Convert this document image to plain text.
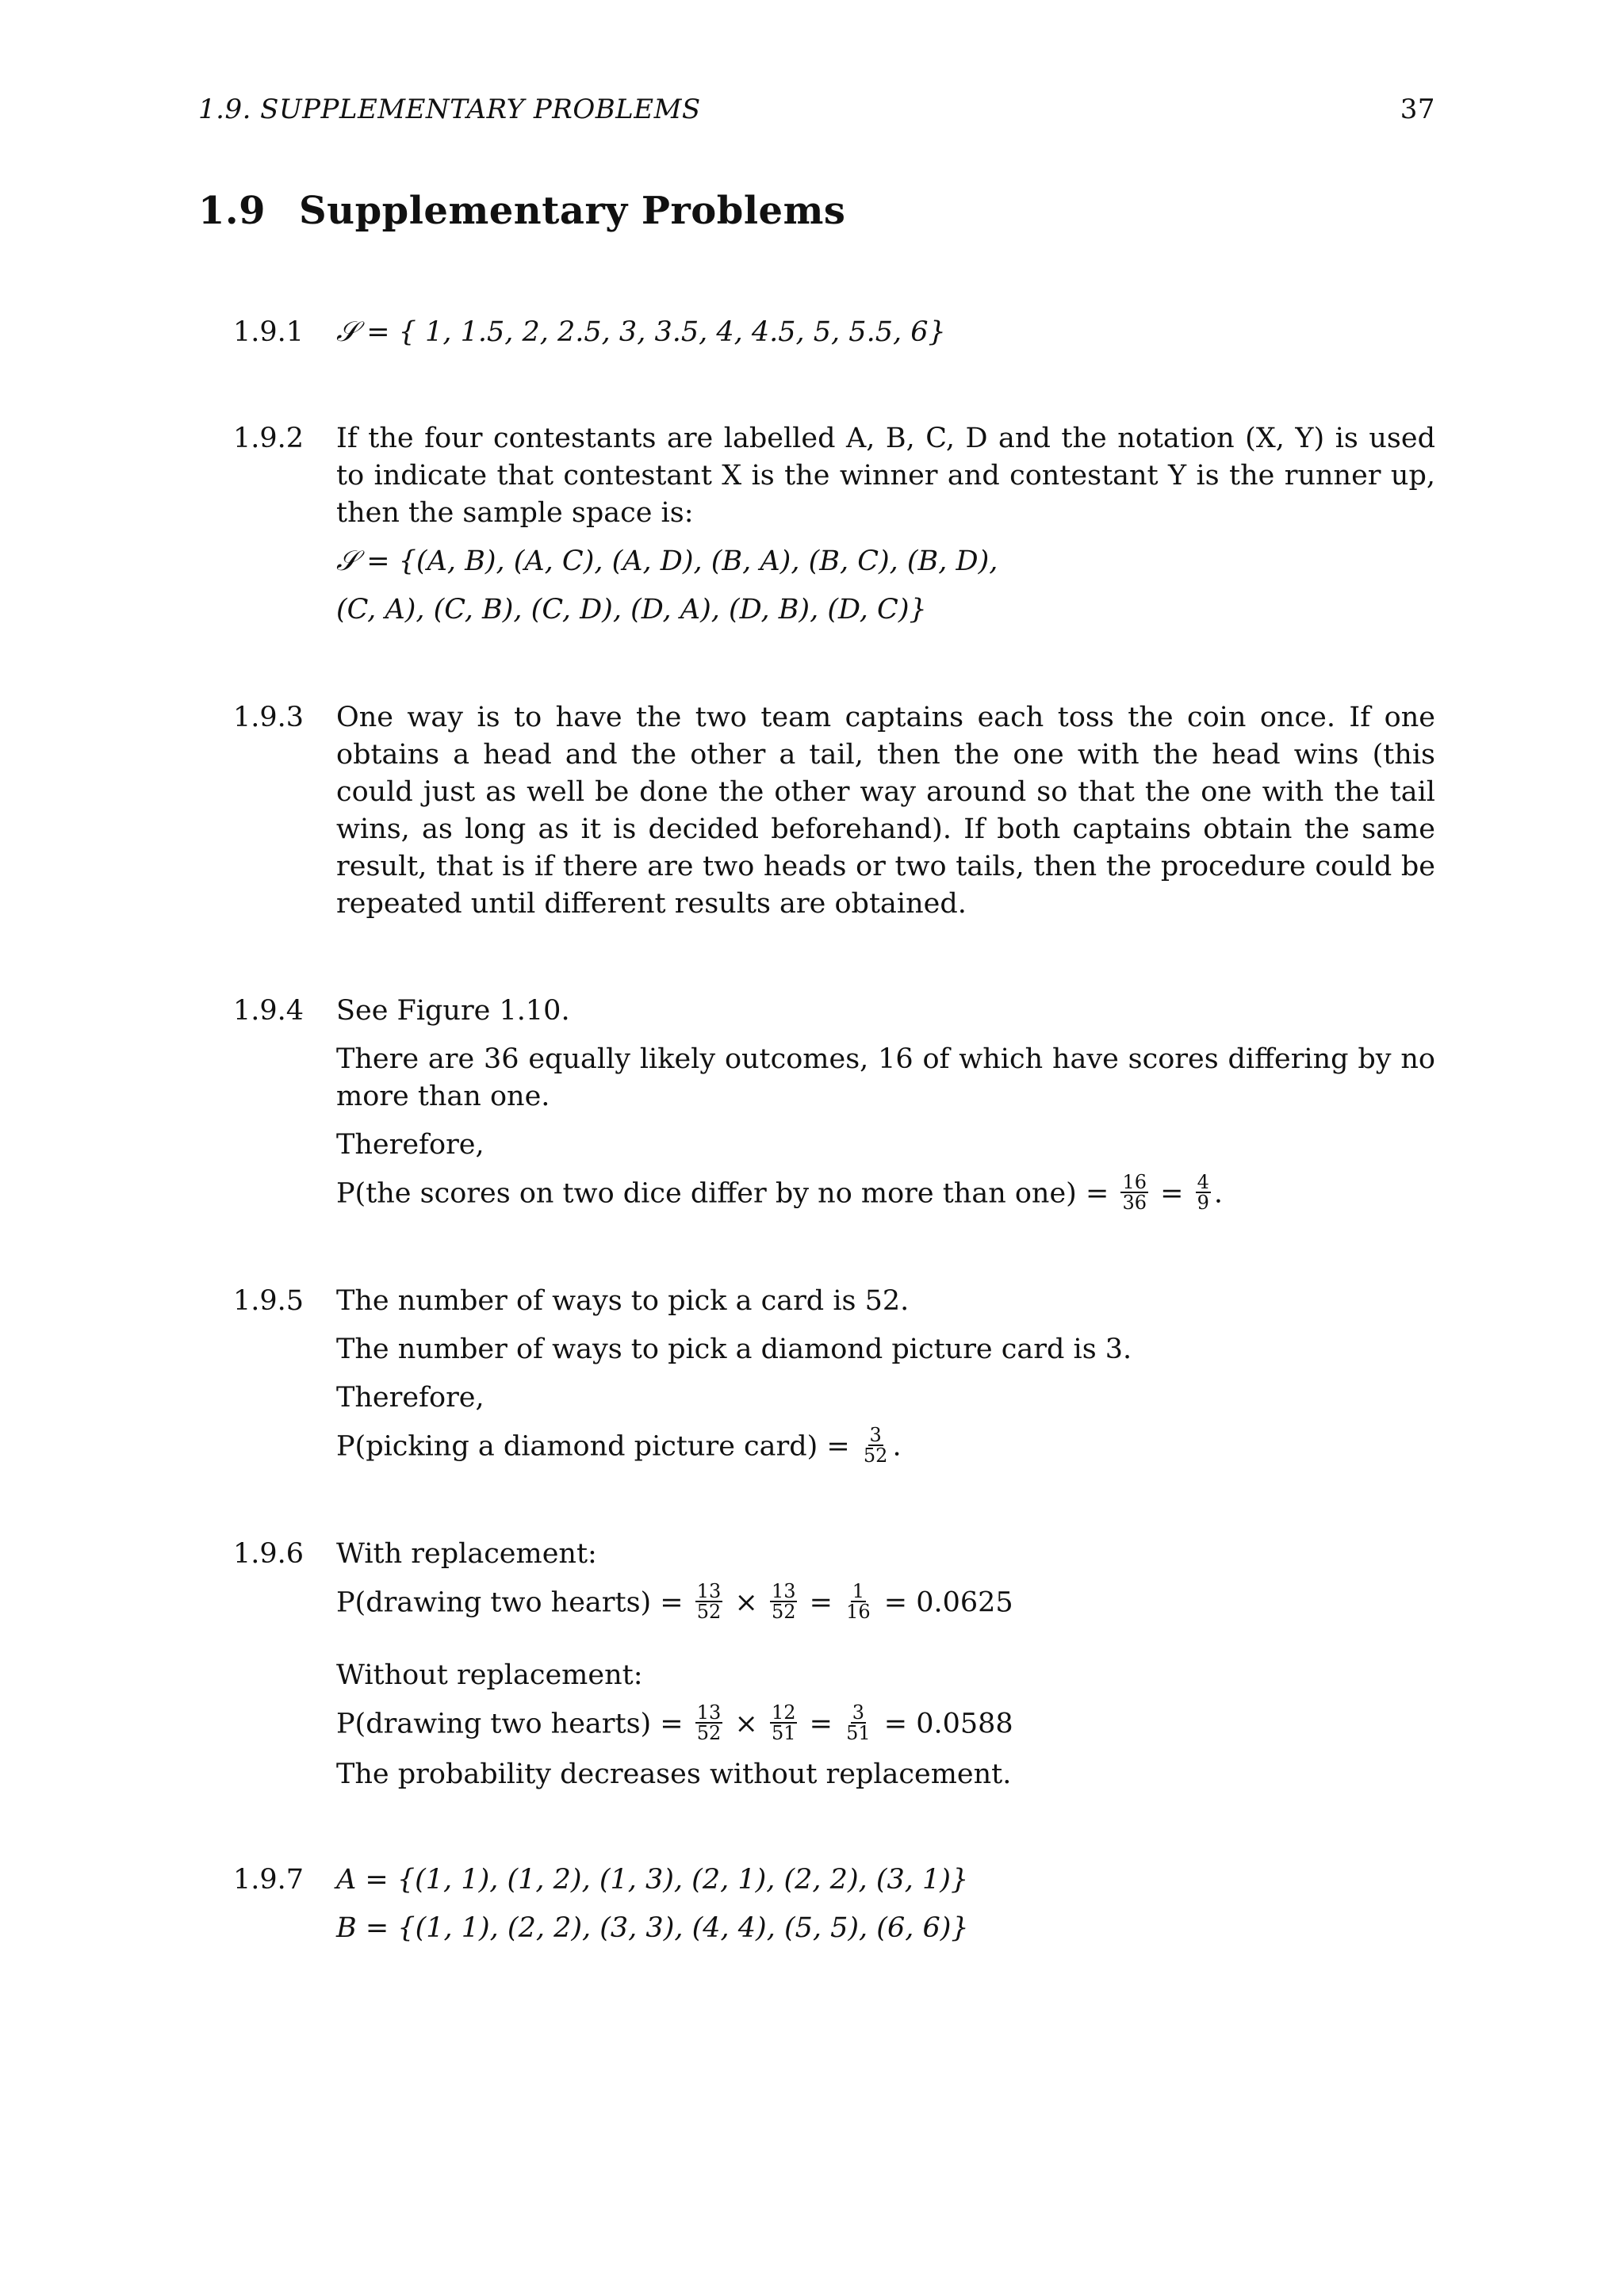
1.9. SUPPLEMENTARY PROBLEMS	37
1.9 Supplementary Problems
1.9.1 𝒮 = { 1, 1.5, 2, 2.5, 3, 3.5, 4, 4.5, 5, 5.5, 6}
1.9.2 If the four contestants are labelled A, B, C, D and the notation (X, Y) is used to indicate that contestant X is the winner and contestant Y is the runner up, then the sample space is:
𝒮 = {(A, B), (A, C), (A, D), (B, A), (B, C), (B, D),
(C, A), (C, B), (C, D), (D, A), (D, B), (D, C)}
1.9.3 One way is to have the two team captains each toss the coin once. If one obtains a head and the other a tail, then the one with the head wins (this could just as well be done the other way around so that the one with the tail wins, as long as it is decided beforehand). If both captains obtain the same result, that is if there are two heads or two tails, then the procedure could be repeated until different results are obtained.
1.9.4 See Figure 1.10.
There are 36 equally likely outcomes, 16 of which have scores differing by no more than one.
Therefore,
P(the scores on two dice differ by no more than $one) = \frac{16}{36} = \frac{4}{9}$ .
1.9.5 The number of ways to pick a card is 52.
The number of ways to pick a diamond picture card is 3.
Therefore,
P(picking a diamond picture card) = $\frac{3}{52}$ .
1.9.6 With replacement:
P(drawing two hearts) = $\frac{13}{52} \times \frac{13}{52} = \frac{1}{16} = 0.0625$
Without replacement:
P(drawing two hearts) = $\frac{13}{52} \times \frac{12}{51} = \frac{3}{51} = 0.0588$
The probability decreases without replacement.
1.9.7 A = {(1, 1), (1, 2), (1, 3), (2, 1), (2, 2), (3, 1)}
B = {(1, 1), (2, 2), (3, 3), (4, 4), (5, 5), (6, 6)}
